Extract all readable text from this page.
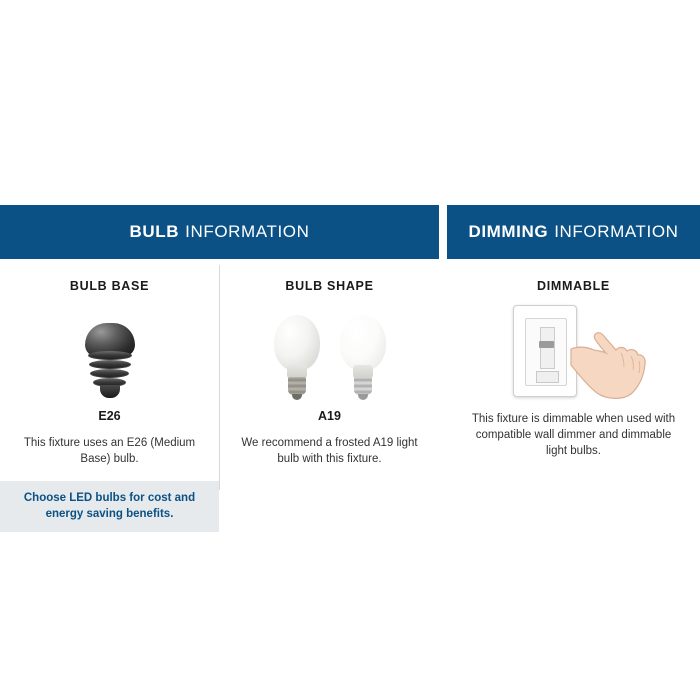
BULB INFORMATION
BULB BASE
E26
This fixture uses an E26 (Medium Base) bulb.
Choose LED bulbs for cost and energy saving benefits.
BULB SHAPE
A19
We recommend a frosted A19 light bulb with this fixture.
DIMMING INFORMATION
DIMMABLE
This fixture is dimmable when used with compatible wall dimmer and dimmable light bulbs.
